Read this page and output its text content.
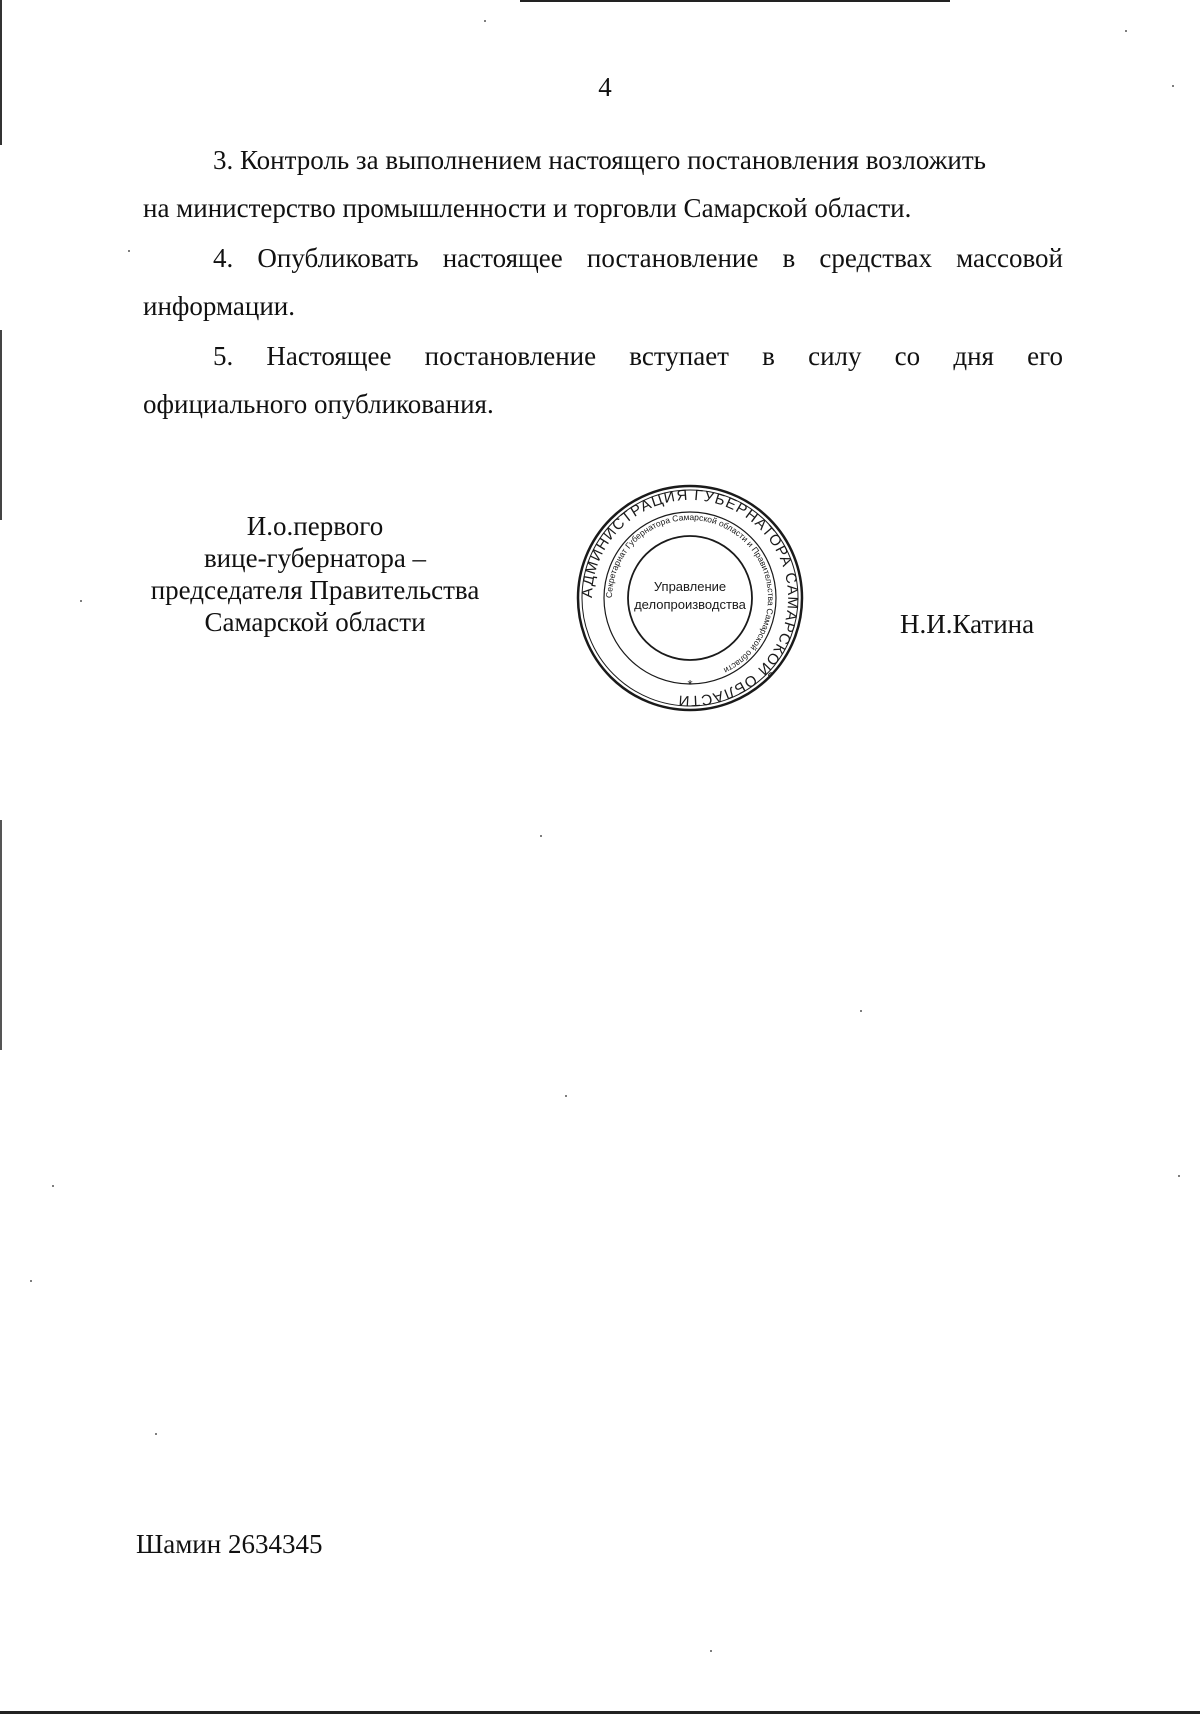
4
3. Контроль за выполнением настоящего постановления возложить
на министерство промышленности и торговли Самарской области.
4. Опубликовать настоящее постановление в средствах массовой
информации.
5. Настоящее постановление вступает в силу со дня его
официального опубликования.
И.о.первого
вице-губернатора –
председателя Правительства
Самарской области
АДМИНИСТРАЦИЯ ГУБЕРНАТОРА САМАРСКОЙ ОБЛАСТИ
Секретариат Губернатора Самарской области и Правительства Самарской области
Управление
делопроизводства
*
Н.И.Катина
Шамин 2634345
